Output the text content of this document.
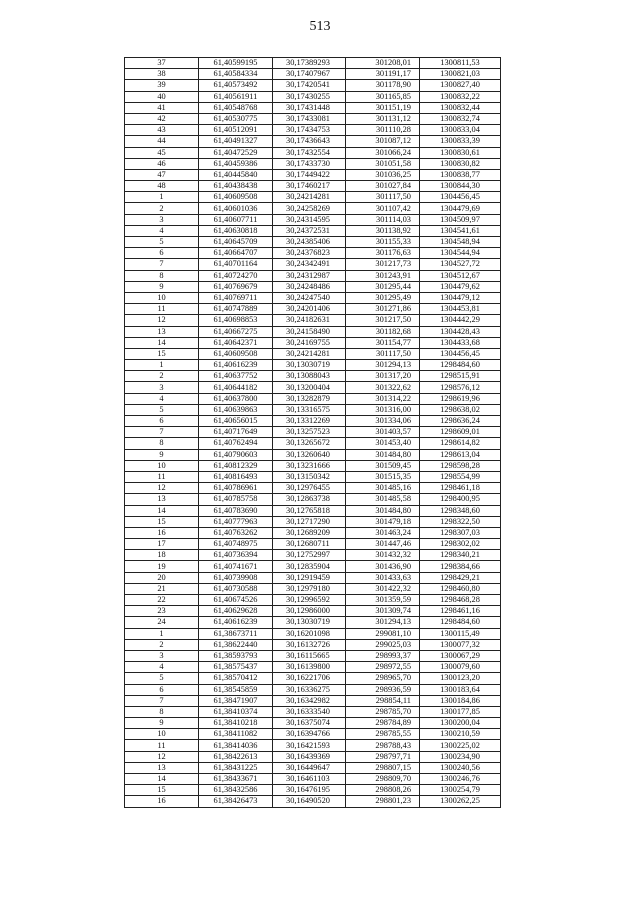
513
37	61,40599195	30,17389293	301208,01	1300811,53
38	61,40584334	30,17407967	301191,17	1300821,03
39	61,40573492	30,17420541	301178,90	1300827,40
40	61,40561911	30,17430255	301165,85	1300832,22
41	61,40548768	30,17431448	301151,19	1300832,44
42	61,40530775	30,17433081	301131,12	1300832,74
43	61,40512091	30,17434753	301110,28	1300833,04
44	61,40491327	30,17436643	301087,12	1300833,39
45	61,40472529	30,17432554	301066,24	1300830,61
46	61,40459386	30,17433730	301051,58	1300830,82
47	61,40445840	30,17449422	301036,25	1300838,77
48	61,40438438	30,17460217	301027,84	1300844,30
1	61,40609508	30,24214281	301117,50	1304456,45
2	61,40601036	30,24258269	301107,42	1304479,69
3	61,40607711	30,24314595	301114,03	1304509,97
4	61,40630818	30,24372531	301138,92	1304541,61
5	61,40645709	30,24385406	301155,33	1304548,94
6	61,40664707	30,24376823	301176,63	1304544,94
7	61,40701164	30,24342491	301217,73	1304527,72
8	61,40724270	30,24312987	301243,91	1304512,67
9	61,40769679	30,24248486	301295,44	1304479,62
10	61,40769711	30,24247540	301295,49	1304479,12
11	61,40747889	30,24201406	301271,86	1304453,81
12	61,40698853	30,24182631	301217,50	1304442,29
13	61,40667275	30,24158490	301182,68	1304428,43
14	61,40642371	30,24169755	301154,77	1304433,68
15	61,40609508	30,24214281	301117,50	1304456,45
1	61,40616239	30,13030719	301294,13	1298484,60
2	61,40637752	30,13088043	301317,20	1298515,91
3	61,40644182	30,13200404	301322,62	1298576,12
4	61,40637800	30,13282879	301314,22	1298619,96
5	61,40639863	30,13316575	301316,00	1298638,02
6	61,40656015	30,13312269	301334,06	1298636,24
7	61,40717649	30,13257523	301403,57	1298609,01
8	61,40762494	30,13265672	301453,40	1298614,82
9	61,40790603	30,13260640	301484,80	1298613,04
10	61,40812329	30,13231666	301509,45	1298598,28
11	61,40816493	30,13150342	301515,35	1298554,99
12	61,40786961	30,12976455	301485,16	1298461,18
13	61,40785758	30,12863738	301485,58	1298400,95
14	61,40783690	30,12765818	301484,80	1298348,60
15	61,40777963	30,12717290	301479,18	1298322,50
16	61,40763262	30,12689209	301463,24	1298307,03
17	61,40748975	30,12680711	301447,46	1298302,02
18	61,40736394	30,12752997	301432,32	1298340,21
19	61,40741671	30,12835904	301436,90	1298384,66
20	61,40739908	30,12919459	301433,63	1298429,21
21	61,40730588	30,12979180	301422,32	1298460,80
22	61,40674526	30,12996592	301359,59	1298468,28
23	61,40629628	30,12986000	301309,74	1298461,16
24	61,40616239	30,13030719	301294,13	1298484,60
1	61,38673711	30,16201098	299081,10	1300115,49
2	61,38622440	30,16132726	299025,03	1300077,32
3	61,38593793	30,16115665	298993,37	1300067,29
4	61,38575437	30,16139800	298972,55	1300079,60
5	61,38570412	30,16221706	298965,70	1300123,20
6	61,38545859	30,16336275	298936,59	1300183,64
7	61,38471907	30,16342982	298854,11	1300184,86
8	61,38410374	30,16333540	298785,70	1300177,85
9	61,38410218	30,16375074	298784,89	1300200,04
10	61,38411082	30,16394766	298785,55	1300210,59
11	61,38414036	30,16421593	298788,43	1300225,02
12	61,38422613	30,16439369	298797,71	1300234,90
13	61,38431225	30,16449647	298807,15	1300240,56
14	61,38433671	30,16461103	298809,70	1300246,76
15	61,38432586	30,16476195	298808,26	1300254,79
16	61,38426473	30,16490520	298801,23	1300262,25
